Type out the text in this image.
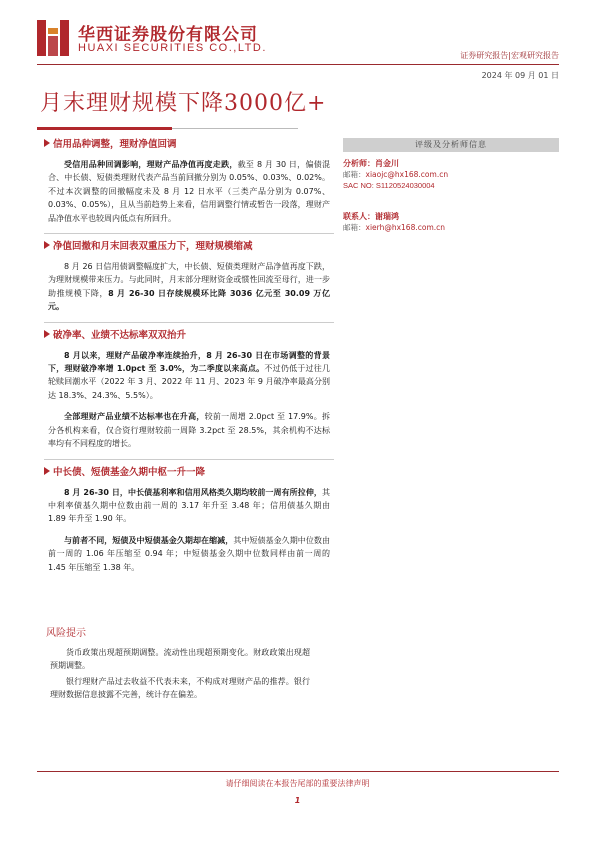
华西证券股份有限公司
HUAXI SECURITIES CO.,LTD.
证券研究报告|宏观研究报告
2024 年 09 月 01 日
月末理财规模下降3000亿+
信用品种调整，理财净值回调

受信用品种回调影响，理财产品净值再度走跌，截至 8 月 30 日，偏债混合、中长债、短债类理财代表产品当前回撤分别为 0.05%、0.03%、0.02%。不过本次调整的回撤幅度未及 8 月 12 日水平（三类产品分别为 0.07%、0.03%、0.05%），且从当前趋势上来看，信用调整行情或暂告一段落，理财产品净值水平也较周内低点有所回升。

净值回撤和月末回表双重压力下，理财规模缩减

8 月 26 日信用债调整幅度扩大，中长债、短债类理财产品净值再度下跌，为理财规模带来压力。与此同时，月末部分理财资金或惯性回流至母行，进一步助推规模下降，8 月 26-30 日存续规模环比降 3036 亿元至 30.09 万亿元。

破净率、业绩不达标率双双抬升

8 月以来，理财产品破净率连续抬升，8 月 26-30 日在市场调整的背景下，理财破净率增 1.0pct 至 3.0%，为二季度以来高点。不过仍低于过往几轮赎回潮水平（2022 年 3 月、2022 年 11 月、2023 年 9 月破净率最高分别达 18.3%、24.3%、5.5%）。

全部理财产品业绩不达标率也在升高，较前一周增 2.0pct 至 17.9%。拆分各机构来看，仅合资行理财较前一周降 3.2pct 至 28.5%，其余机构不达标率均有不同程度的增长。

中长债、短债基金久期中枢一升一降

8 月 26-30 日，中长债基利率和信用风格类久期均较前一周有所拉伸，其中利率债基久期中位数由前一周的 3.17 年升至 3.48 年；信用债基久期由 1.89 年升至 1.90 年。

与前者不同，短债及中短债基金久期却在缩减，其中短债基金久期中位数由前一周的 1.06 年压缩至 0.94 年；中短债基金久期中位数同样由前一周的 1.45 年压缩至 1.38 年。

评级及分析师信息
分析师：肖金川
邮箱：xiaojc@hx168.com.cn
SAC NO: S1120524030004
联系人：谢瑞鸿
邮箱：xierh@hx168.com.cn
风险提示

货币政策出现超预期调整。流动性出现超预期变化。财政政策出现超预期调整。

银行理财产品过去收益不代表未来，不构成对理财产品的推荐。银行理财数据信息披露不完善，统计存在偏差。

请仔细阅读在本报告尾部的重要法律声明
1
